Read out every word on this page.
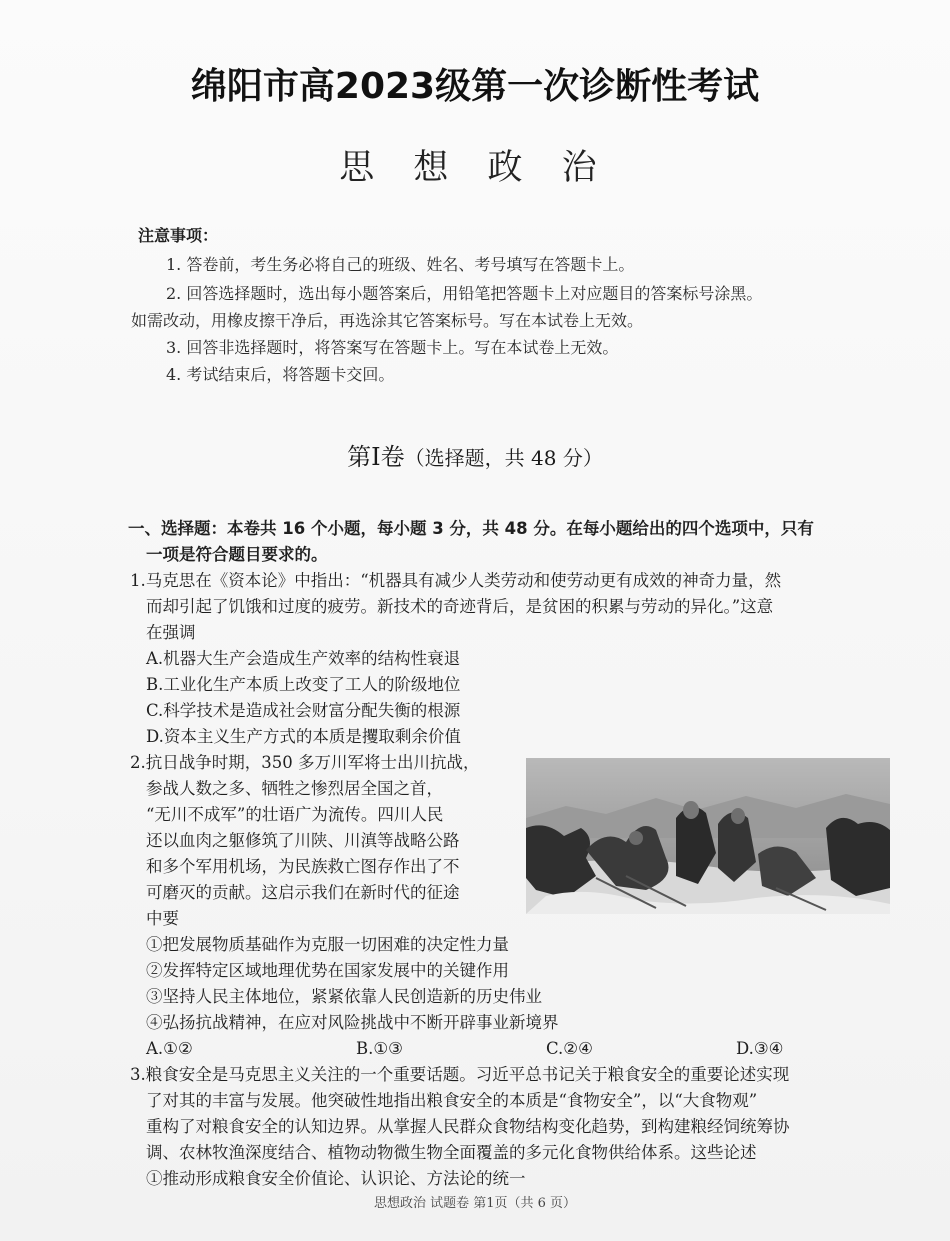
绵阳市高2023级第一次诊断性考试
思 想 政 治
注意事项：
1. 答卷前，考生务必将自己的班级、姓名、考号填写在答题卡上。
2. 回答选择题时，选出每小题答案后，用铅笔把答题卡上对应题目的答案标号涂黑。
如需改动，用橡皮擦干净后，再选涂其它答案标号。写在本试卷上无效。
3. 回答非选择题时，将答案写在答题卡上。写在本试卷上无效。
4. 考试结束后，将答题卡交回。
第I卷（选择题，共 48 分）
一、选择题：本卷共 16 个小题，每小题 3 分，共 48 分。在每小题给出的四个选项中，只有
一项是符合题目要求的。
1.马克思在《资本论》中指出：“机器具有减少人类劳动和使劳动更有成效的神奇力量，然
而却引起了饥饿和过度的疲劳。新技术的奇迹背后，是贫困的积累与劳动的异化。”这意
在强调
A.机器大生产会造成生产效率的结构性衰退
B.工业化生产本质上改变了工人的阶级地位
C.科学技术是造成社会财富分配失衡的根源
D.资本主义生产方式的本质是攫取剩余价值
2.抗日战争时期，350 多万川军将士出川抗战，
参战人数之多、牺牲之惨烈居全国之首，
“无川不成军”的壮语广为流传。四川人民
还以血肉之躯修筑了川陕、川滇等战略公路
和多个军用机场，为民族救亡图存作出了不
可磨灭的贡献。这启示我们在新时代的征途
中要
①把发展物质基础作为克服一切困难的决定性力量
②发挥特定区域地理优势在国家发展中的关键作用
③坚持人民主体地位，紧紧依靠人民创造新的历史伟业
④弘扬抗战精神，在应对风险挑战中不断开辟事业新境界
A.①②	B.①③	C.②④	D.③④
3.粮食安全是马克思主义关注的一个重要话题。习近平总书记关于粮食安全的重要论述实现
了对其的丰富与发展。他突破性地指出粮食安全的本质是“食物安全”，以“大食物观”
重构了对粮食安全的认知边界。从掌握人民群众食物结构变化趋势，到构建粮经饲统筹协
调、农林牧渔深度结合、植物动物微生物全面覆盖的多元化食物供给体系。这些论述
①推动形成粮食安全价值论、认识论、方法论的统一
思想政治 试题卷 第1页（共 6 页）
